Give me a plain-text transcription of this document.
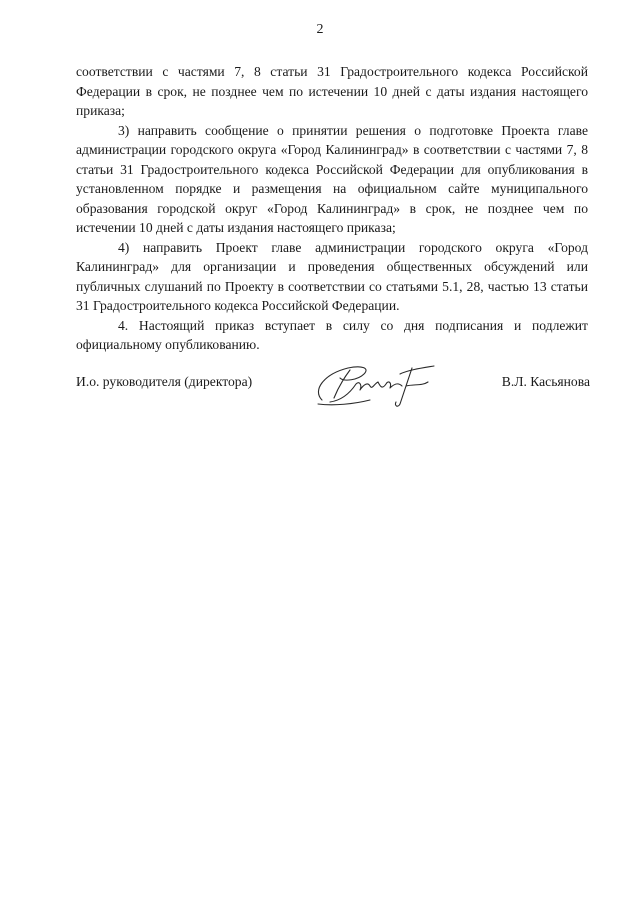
2

соответствии с частями 7, 8 статьи 31 Градостроительного кодекса Российской Федерации в срок, не позднее чем по истечении 10 дней с даты издания настоящего приказа;

3) направить сообщение о принятии решения о подготовке Проекта главе администрации городского округа «Город Калининград» в соответствии с частями 7, 8 статьи 31 Градостроительного кодекса Российской Федерации для опубликования в установленном порядке и размещения на официальном сайте муниципального образования городской округ «Город Калининград» в срок, не позднее чем по истечении 10 дней с даты издания настоящего приказа;

4) направить Проект главе администрации городского округа «Город Калининград» для организации и проведения общественных обсуждений или публичных слушаний по Проекту в соответствии со статьями 5.1, 28, частью 13 статьи 31 Градостроительного кодекса Российской Федерации.

4. Настоящий приказ вступает в силу со дня подписания и подлежит официальному опубликованию.

И.о. руководителя (директора)	В.Л. Касьянова
